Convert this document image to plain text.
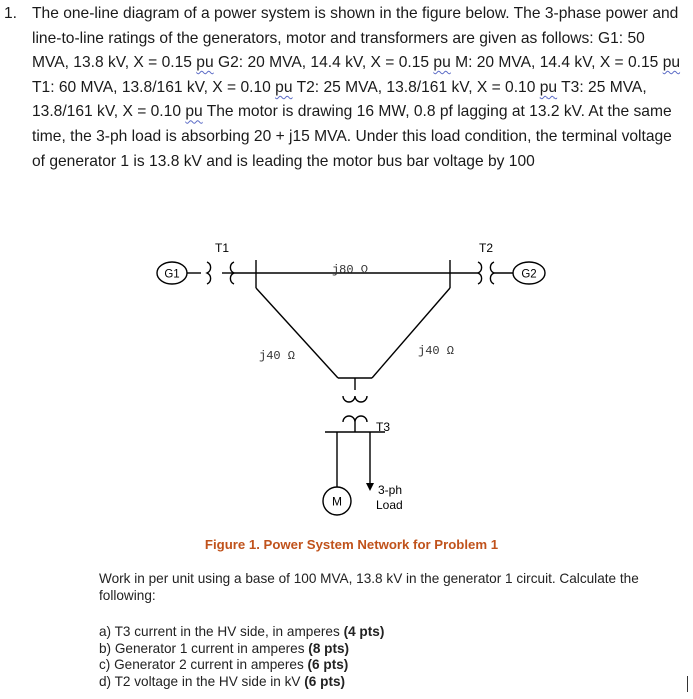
1. The one-line diagram of a power system is shown in the figure below. The 3-phase power and line-to-line ratings of the generators, motor and transformers are given as follows: G1: 50 MVA, 13.8 kV, X = 0.15 pu G2: 20 MVA, 14.4 kV, X = 0.15 pu M: 20 MVA, 14.4 kV, X = 0.15 pu T1: 60 MVA, 13.8/161 kV, X = 0.10 pu T2: 25 MVA, 13.8/161 kV, X = 0.10 pu T3: 25 MVA, 13.8/161 kV, X = 0.10 pu The motor is drawing 16 MW, 0.8 pf lagging at 13.2 kV. At the same time, the 3-ph load is absorbing 20 + j15 MVA. Under this load condition, the terminal voltage of generator 1 is 13.8 kV and is leading the motor bus bar voltage by 100
G1	G2
T1	T2
T3
M
j80 Ω
j40 Ω	j40 Ω
3-ph
Load
Figure 1. Power System Network for Problem 1
Work in per unit using a base of 100 MVA, 13.8 kV in the generator 1 circuit. Calculate the following:
a) T3 current in the HV side, in amperes (4 pts)
b) Generator 1 current in amperes (8 pts)
c) Generator 2 current in amperes (6 pts)
d) T2 voltage in the HV side in kV (6 pts)
